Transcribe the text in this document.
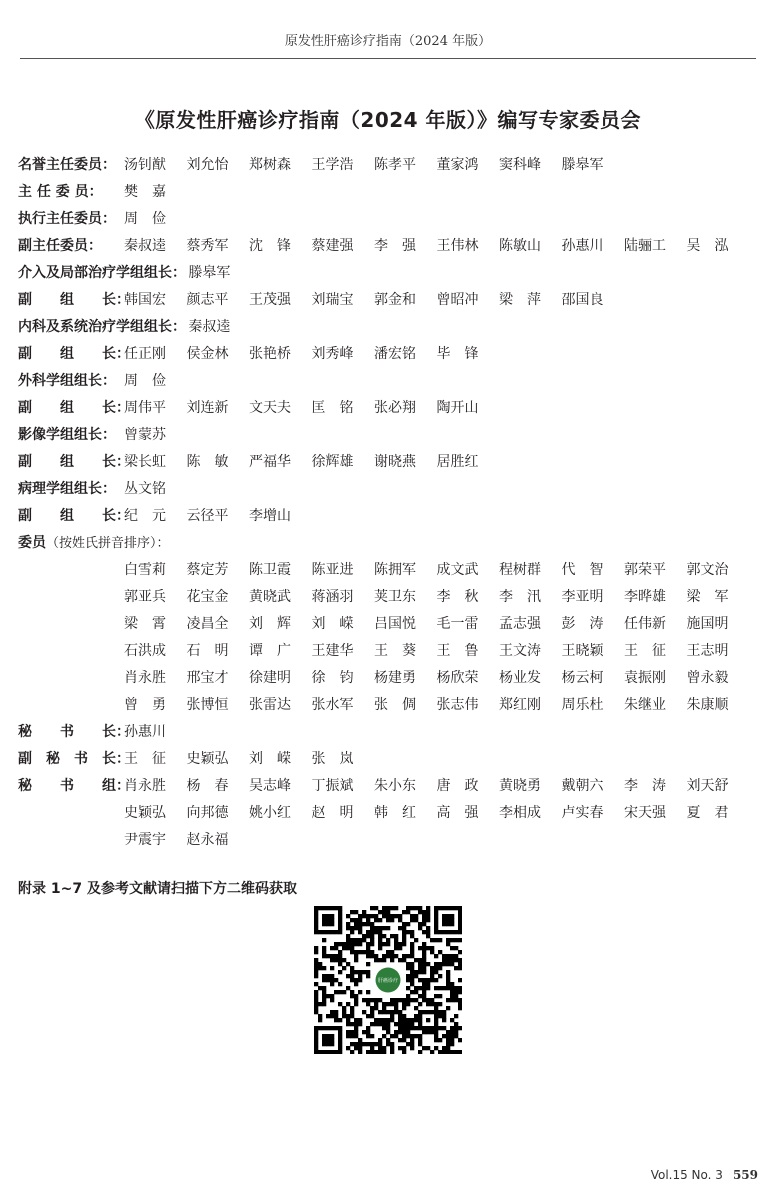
原发性肝癌诊疗指南（2024 年版）
《原发性肝癌诊疗指南（2024 年版）》编写专家委员会
名誉主任委员： 汤钊猷 刘允怡 郑树森 王学浩 陈孝平 董家鸿 窦科峰 滕皋军
主 任 委 员： 樊　嘉
执行主任委员： 周　俭
副主任委员： 秦叔逵 蔡秀军 沈　锋 蔡建强 李　强 王伟林 陈敏山 孙惠川 陆骊工 吴　泓
介入及局部治疗学组组长： 滕皋军
副　　组　　长：
韩国宏 颜志平 王茂强 刘瑞宝 郭金和 曾昭冲 梁　萍 邵国良
内科及系统治疗学组组长： 秦叔逵
副　　组　　长：
任正刚 侯金林 张艳桥 刘秀峰 潘宏铭 毕　锋
外科学组组长： 周　俭
副　　组　　长：
周伟平 刘连新 文天夫 匡　铭 张必翔 陶开山
影像学组组长： 曾蒙苏
副　　组　　长：
梁长虹 陈　敏 严福华 徐辉雄 谢晓燕 居胜红
病理学组组长： 丛文铭
副　　组　　长：
纪　元 云径平 李增山
委员（按姓氏拼音排序）：
白雪莉 蔡定芳 陈卫霞 陈亚进 陈拥军 成文武 程树群 代　智 郭荣平 郭文治
郭亚兵 花宝金 黄晓武 蒋涵羽 荚卫东 李　秋 李　汛 李亚明 李晔雄 梁　军
梁　霄 凌昌全 刘　辉 刘　嵘 吕国悦 毛一雷 孟志强 彭　涛 任伟新 施国明
石洪成 石　明 谭　广 王建华 王　葵 王　鲁 王文涛 王晓颖 王　征 王志明
肖永胜 邢宝才 徐建明 徐　钧 杨建勇 杨欣荣 杨业发 杨云柯 袁振刚 曾永毅
曾　勇 张博恒 张雷达 张水军 张　倜 张志伟 郑红刚 周乐杜 朱继业 朱康顺
秘　　书　　长：
孙惠川
副　秘　书　长：
王　征 史颖弘 刘　嵘 张　岚
秘　　书　　组：
肖永胜 杨　春 吴志峰 丁振斌 朱小东 唐　政 黄晓勇 戴朝六 李　涛 刘天舒
史颖弘 向邦德 姚小红 赵　明 韩　红 高　强 李相成 卢实春 宋天强 夏　君
尹震宇 赵永福
附录 1~7 及参考文献请扫描下方二维码获取
肝癌诊疗
Vol.15 No. 3 559
